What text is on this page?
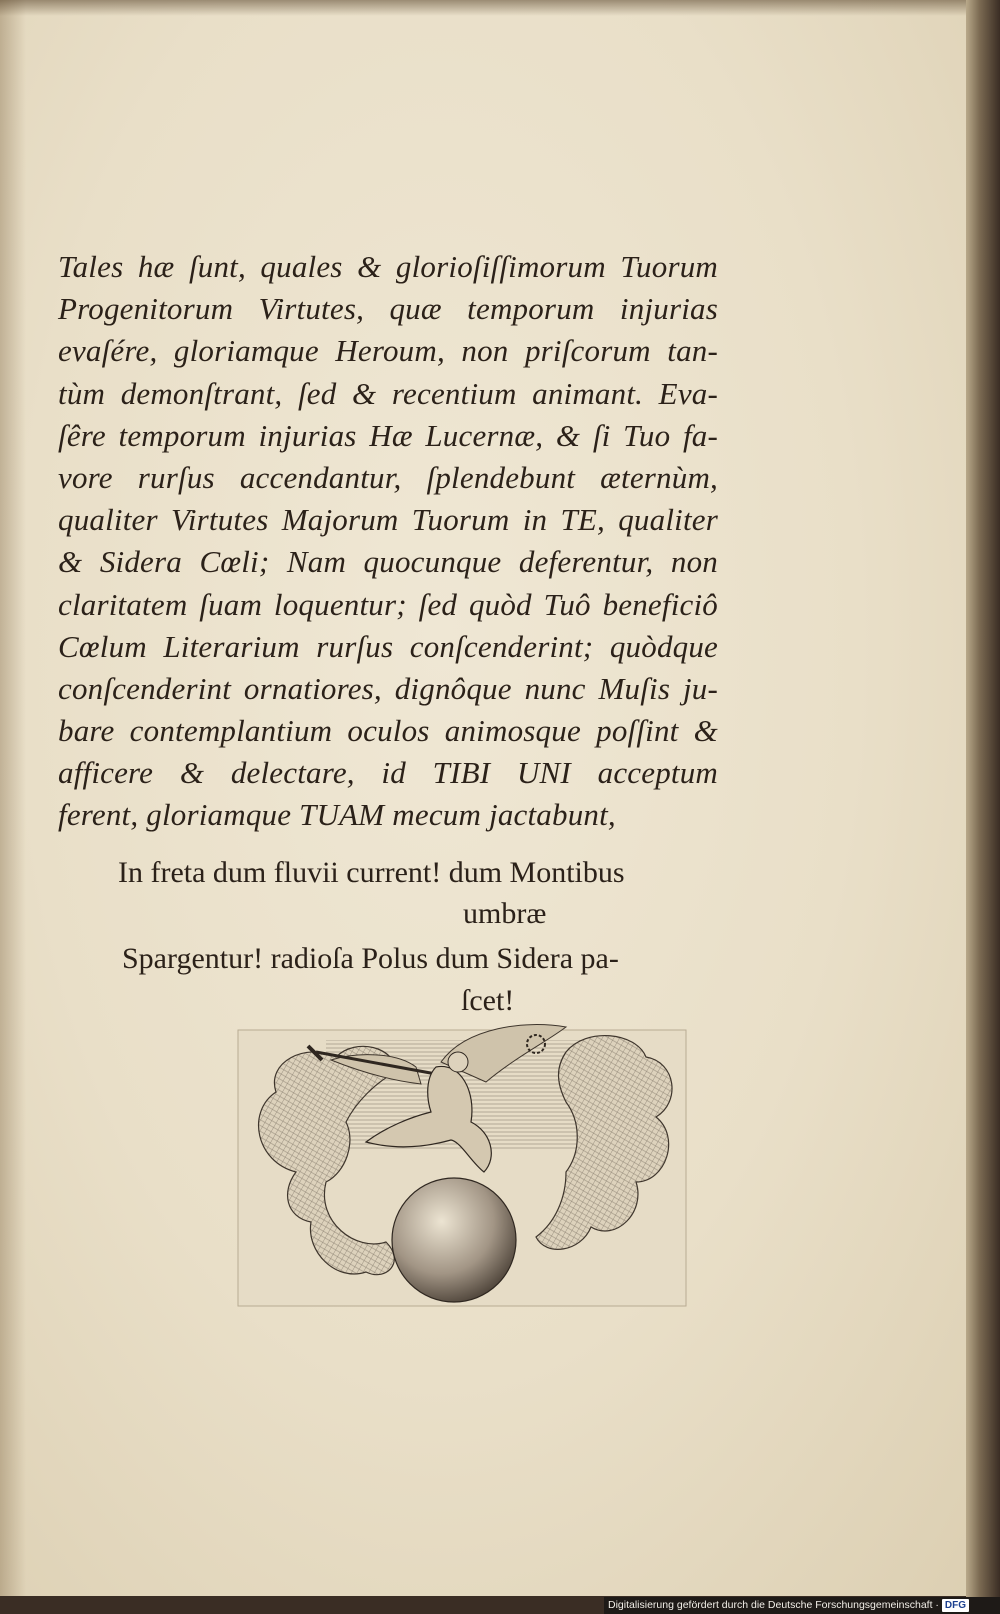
Tales hæ ſunt, quales & glorioſiſſimorum Tuorum
Progenitorum Virtutes, quæ temporum injurias
evaſére, gloriamque Heroum, non priſcorum tan-
tùm demonſtrant, ſed & recentium animant. Eva-
ſêre temporum injurias Hæ Lucernæ, & ſi Tuo fa-
vore rurſus accendantur, ſplendebunt æternùm,
qualiter Virtutes Majorum Tuorum in TE, qualiter
& Sidera Cœli; Nam quocunque deferentur, non
claritatem ſuam loquentur; ſed quòd Tuô beneficiô
Cœlum Literarium rurſus conſcenderint; quòdque
conſcenderint ornatiores, dignôque nunc Muſis ju-
bare contemplantium oculos animosque poſſint &
afficere & delectare, id TIBI UNI acceptum
ferent, gloriamque TUAM mecum jactabunt,
In freta dum fluvii current! dum Montibus
umbræ
Spargentur! radioſa Polus dum Sidera pa-
ſcet!
Digitalisierung gefördert durch die Deutsche Forschungsgemeinschaft · DFG
